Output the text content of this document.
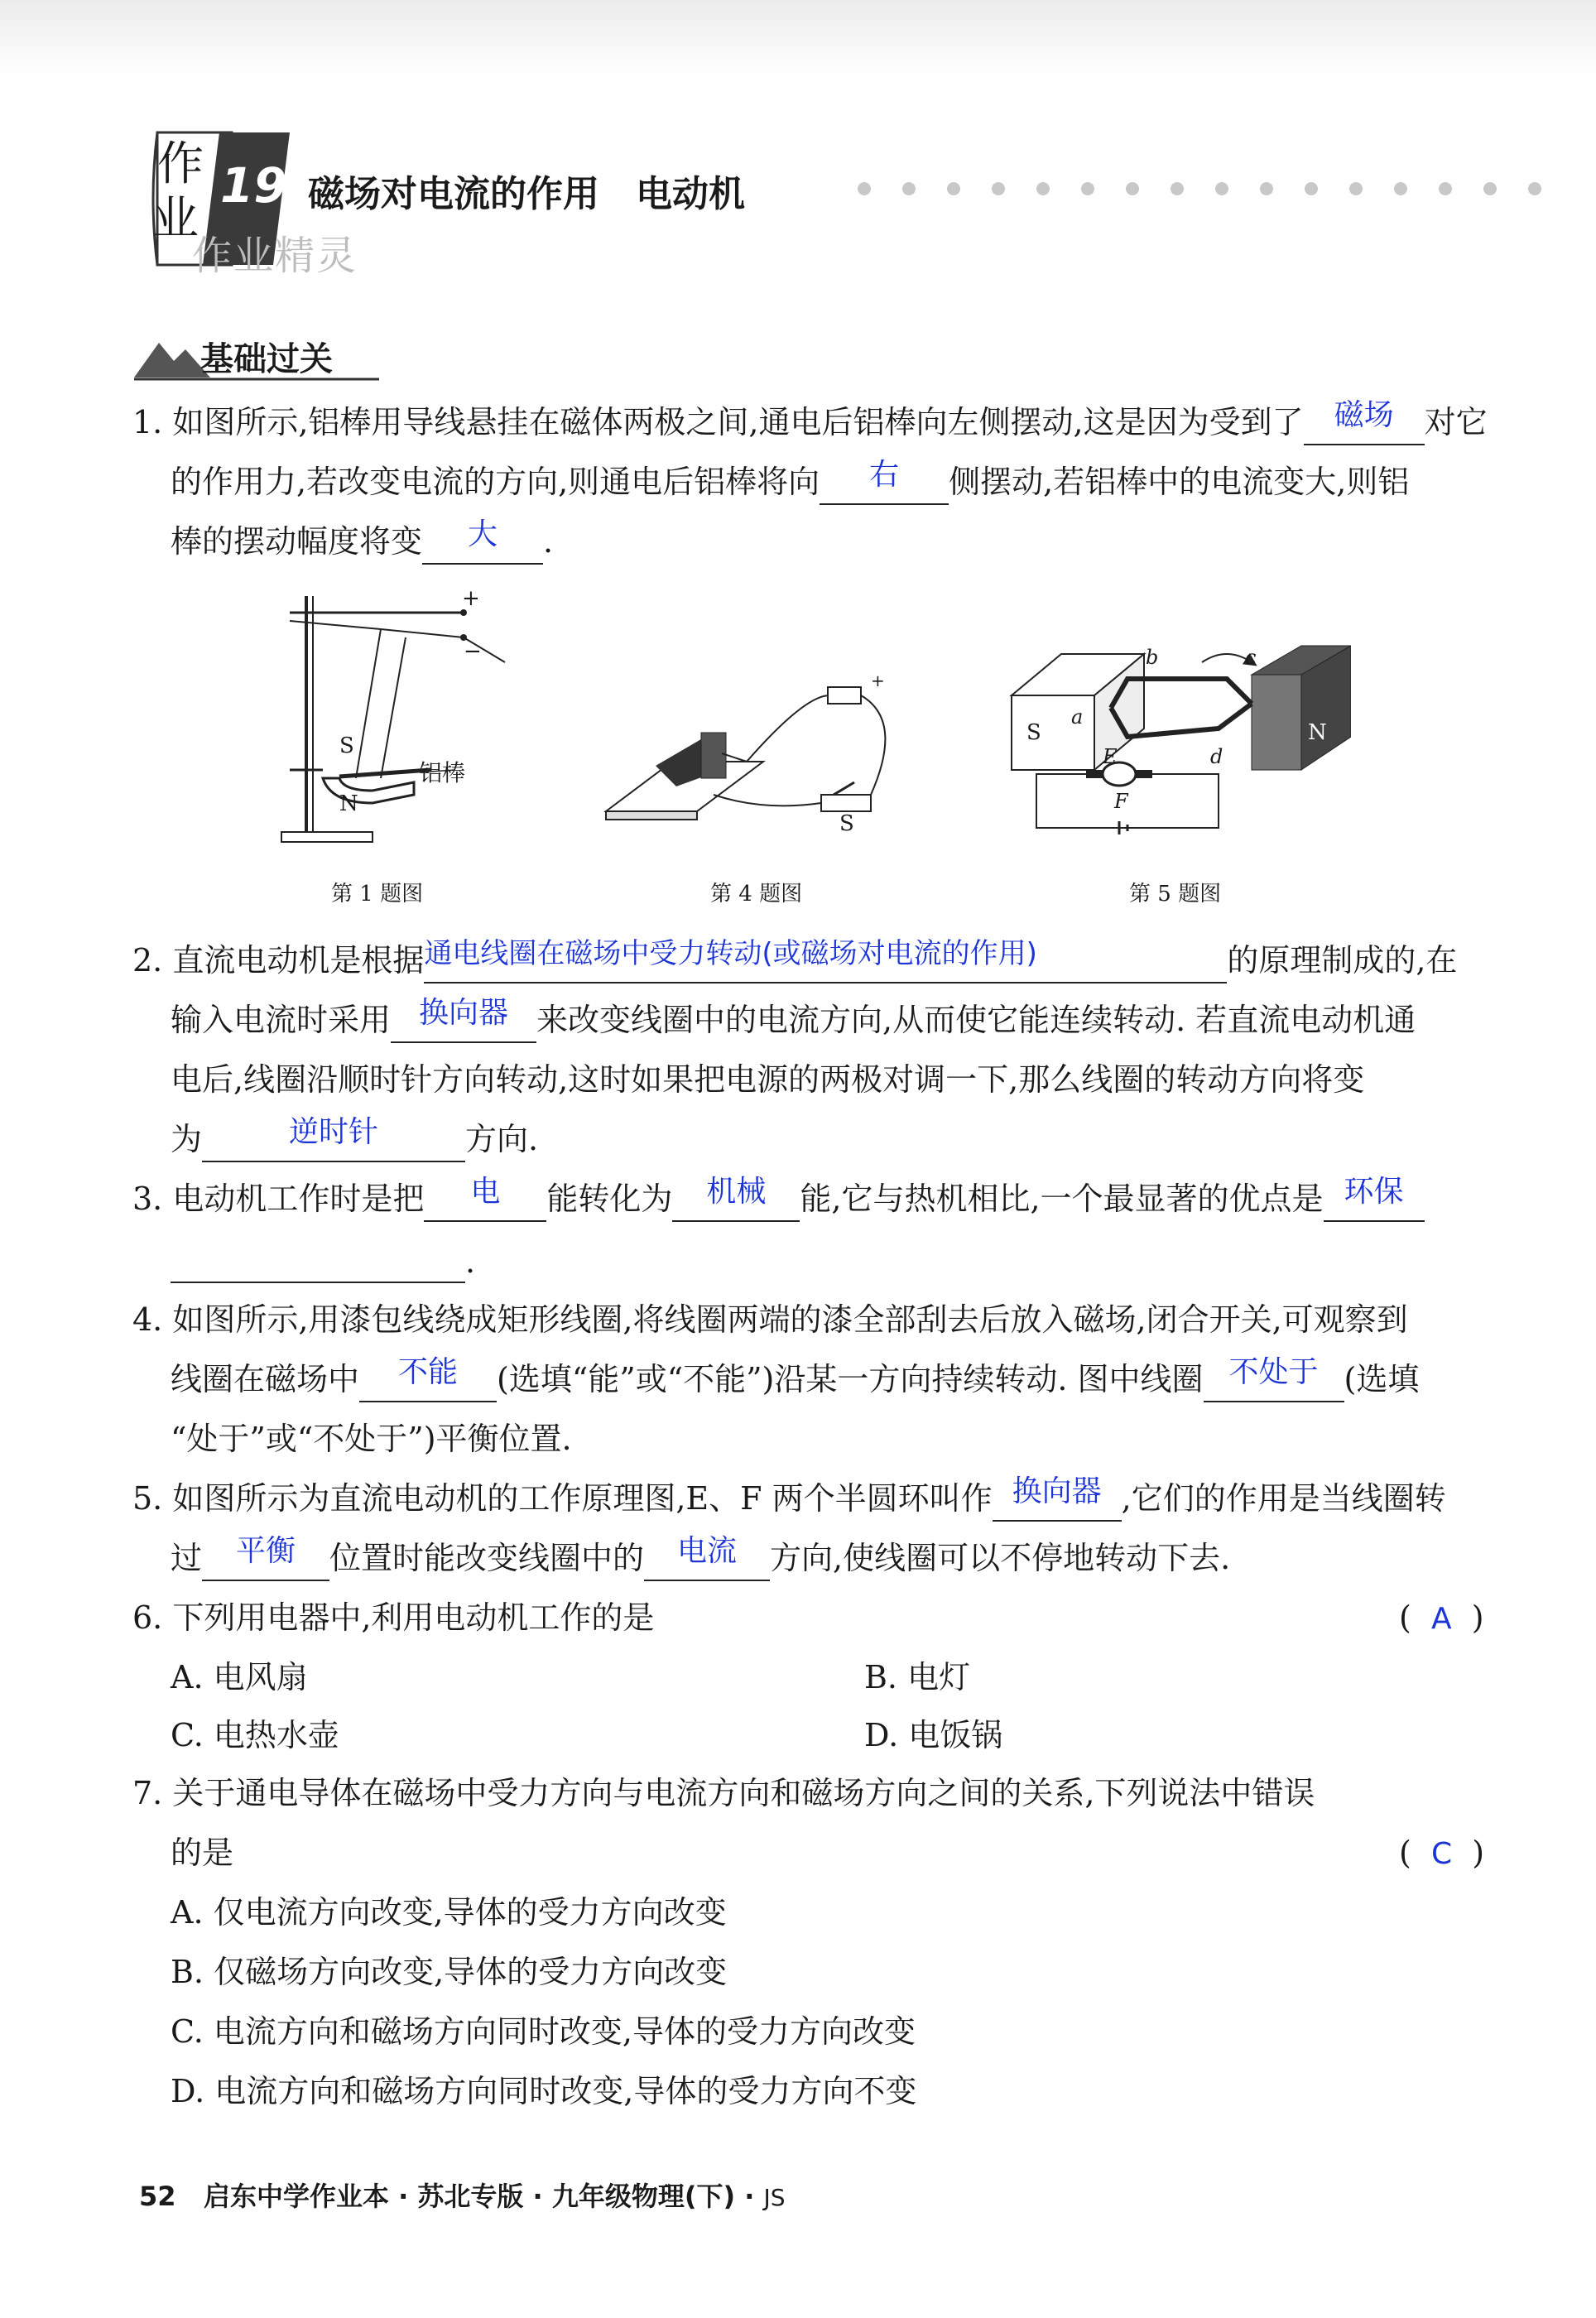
作
业
19
作业精灵
磁场对电流的作用　电动机
基础过关
1. 如图所示,铝棒用导线悬挂在磁体两极之间,通电后铝棒向左侧摆动,这是因为受到了 磁场 对它
的作用力,若改变电流的方向,则通电后铝棒将向 右 侧摆动,若铝棒中的电流变大,则铝
棒的摆动幅度将变 大 .
+
−
S
N
铝棒
第 1 题图
+
S
第 4 题图
S	N
a
b	c
d
E
F
第 5 题图
2. 直流电动机是根据通电线圈在磁场中受力转动(或磁场对电流的作用)	的原理制成的,在
输入电流时采用 换向器 来改变线圈中的电流方向,从而使它能连续转动. 若直流电动机通
电后,线圈沿顺时针方向转动,这时如果把电源的两极对调一下,那么线圈的转动方向将变
为	逆时针	方向.
3. 电动机工作时是把 电 能转化为 机械 能,它与热机相比,一个最显著的优点是 环保
.
4. 如图所示,用漆包线绕成矩形线圈,将线圈两端的漆全部刮去后放入磁场,闭合开关,可观察到
线圈在磁场中 不能 (选填“能”或“不能”)沿某一方向持续转动. 图中线圈 不处于 (选填
“处于”或“不处于”)平衡位置.
5. 如图所示为直流电动机的工作原理图,E、F 两个半圆环叫作 换向器 ,它们的作用是当线圈转
过 平衡 位置时能改变线圈中的 电流 方向,使线圈可以不停地转动下去.
6. 下列用电器中,利用电动机工作的是	(  A  )
A. 电风扇	B. 电灯
C. 电热水壶	D. 电饭锅
7. 关于通电导体在磁场中受力方向与电流方向和磁场方向之间的关系,下列说法中错误
的是	(  C  )
A. 仅电流方向改变,导体的受力方向改变
B. 仅磁场方向改变,导体的受力方向改变
C. 电流方向和磁场方向同时改变,导体的受力方向改变
D. 电流方向和磁场方向同时改变,导体的受力方向不变
52 启东中学作业本 · 苏北专版 · 九年级物理(下) · JS
